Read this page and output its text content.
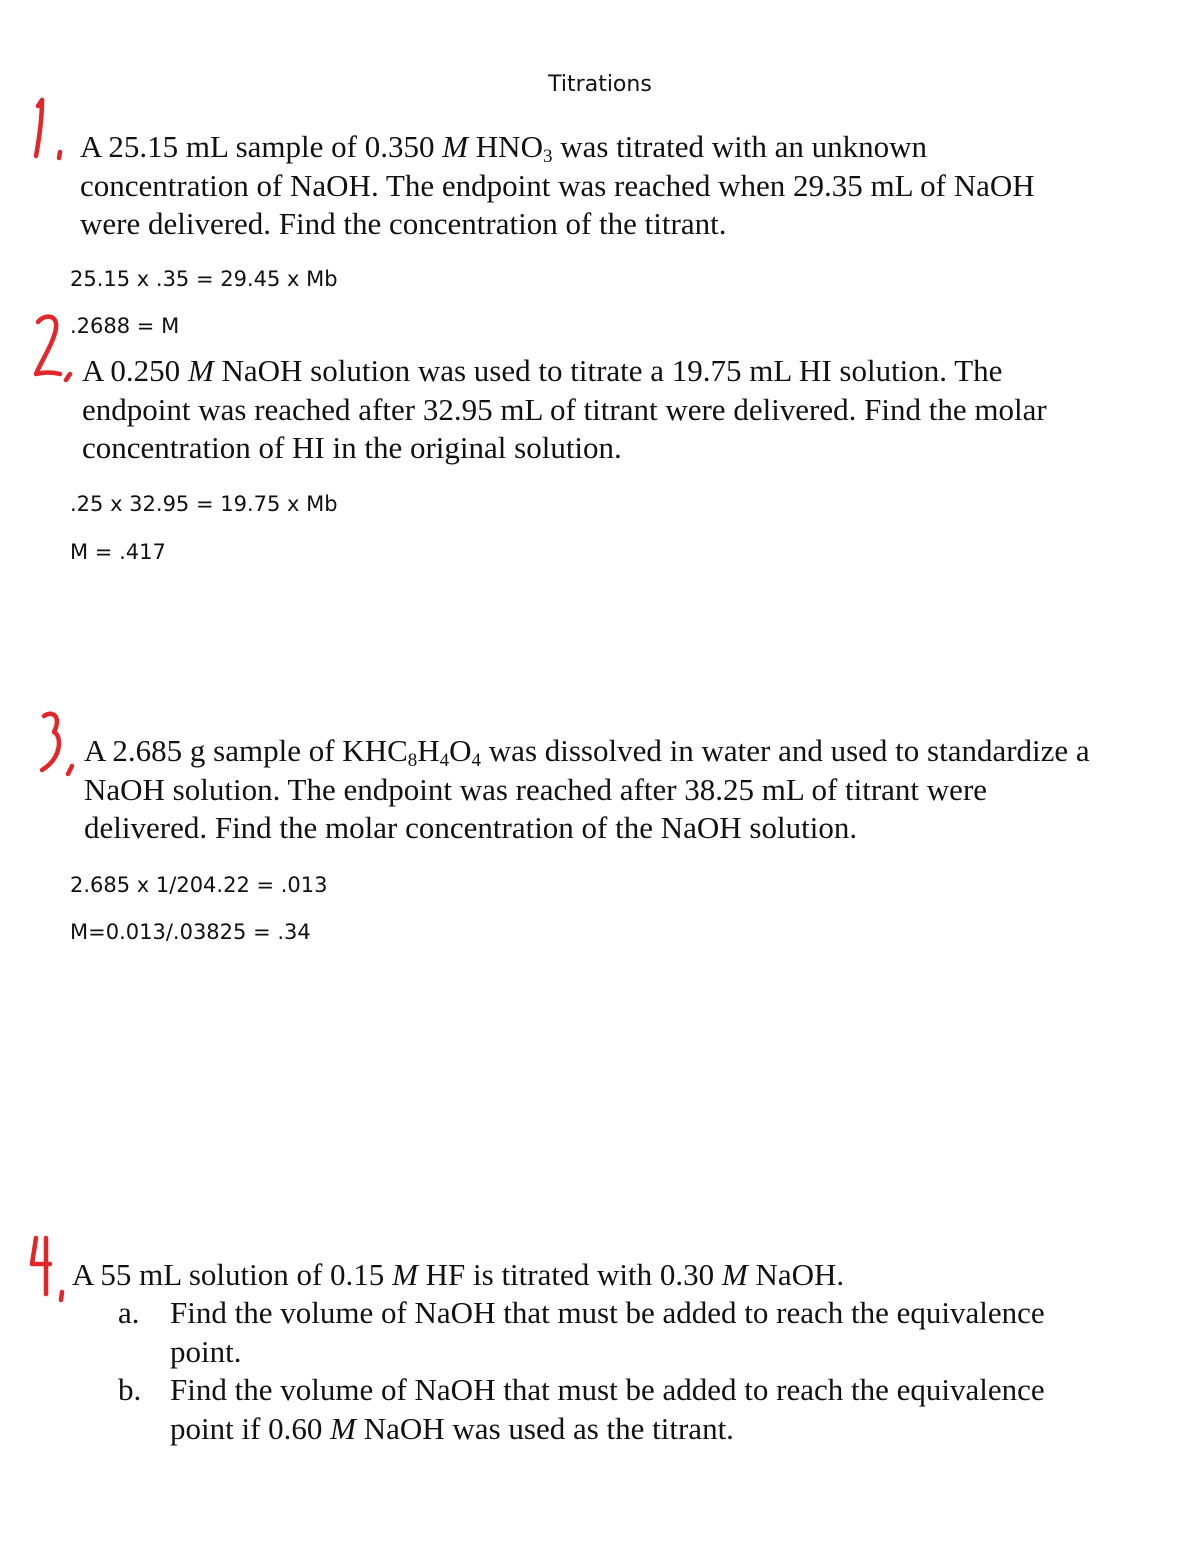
Titrations
A 25.15 mL sample of 0.350 M $HNO_3$ was titrated with an unknown
concentration of NaOH. The endpoint was reached when 29.35 mL of NaOH
were delivered. Find the concentration of the titrant.
25.15 x .35 = 29.45 x Mb
.2688 = M
A 0.250 M NaOH solution was used to titrate a 19.75 mL HI solution. The
endpoint was reached after 32.95 mL of titrant were delivered. Find the molar
concentration of HI in the original solution.
.25 x 32.95 = 19.75 x Mb
M = .417
A 2.685 g sample of $KHC_8H_4O_4$ was dissolved in water and used to standardize a
NaOH solution. The endpoint was reached after 38.25 mL of titrant were
delivered. Find the molar concentration of the NaOH solution.
2.685 x 1/204.22 = .013
M=0.013/.03825 = .34
A 55 mL solution of 0.15 M HF is titrated with 0.30 M NaOH.
a. Find the volume of NaOH that must be added to reach the equivalence
point.
b. Find the volume of NaOH that must be added to reach the equivalence
point if 0.60 M NaOH was used as the titrant.
